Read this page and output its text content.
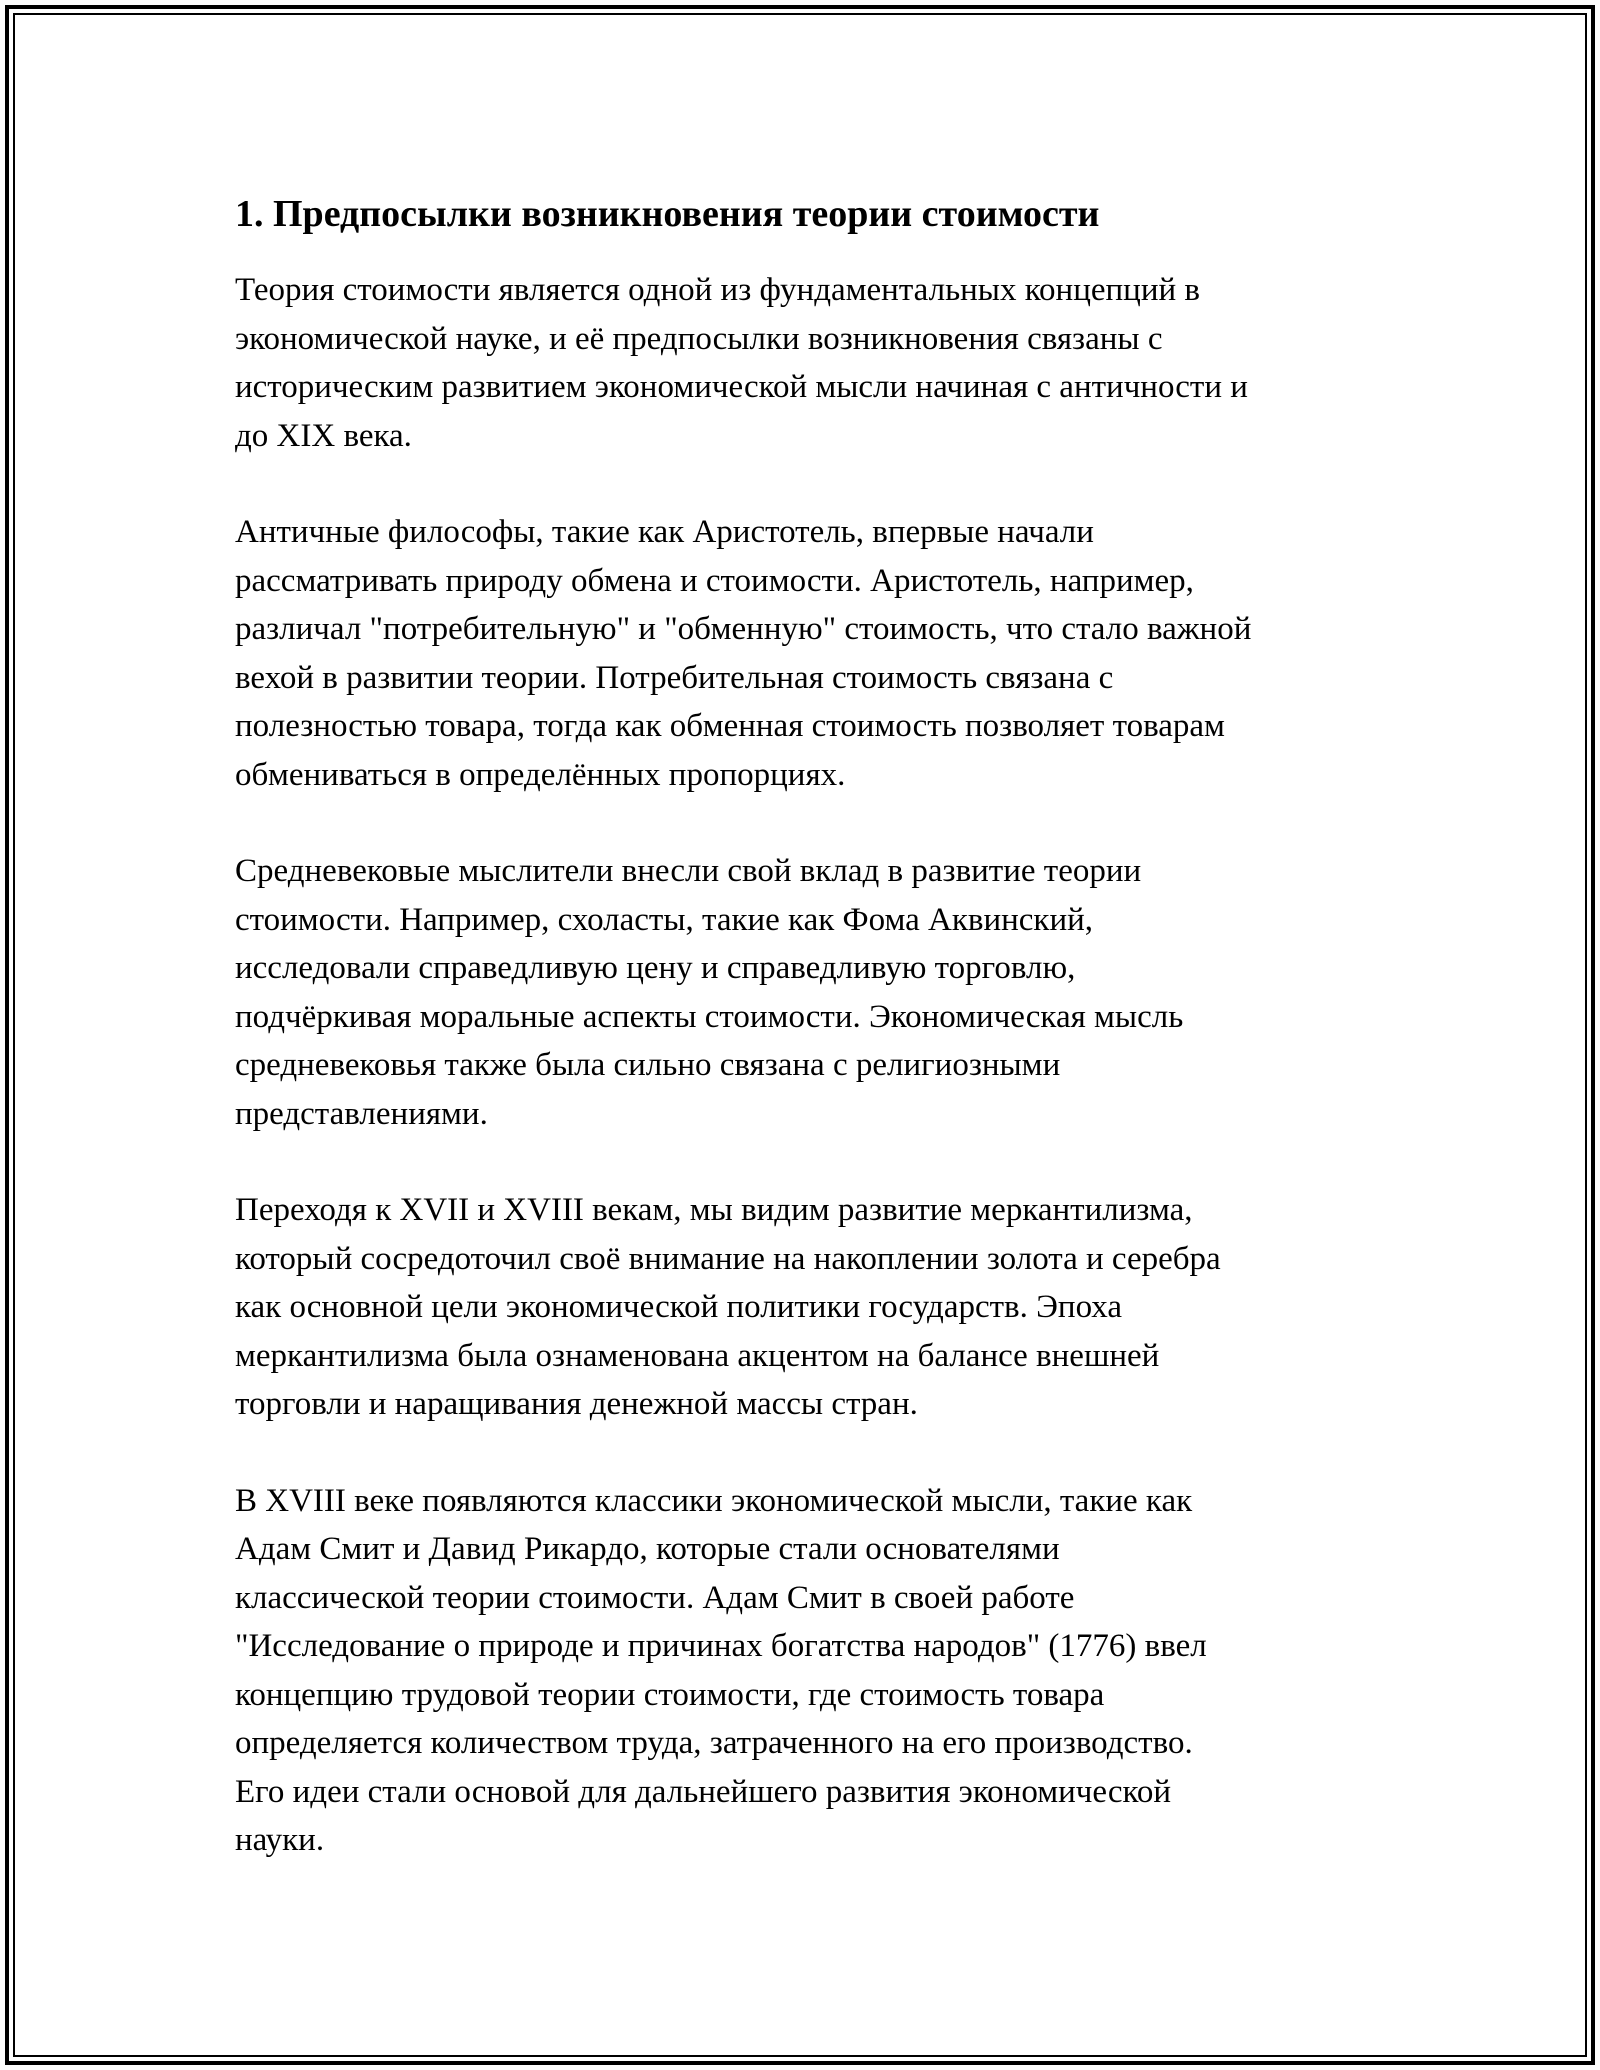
1. Предпосылки возникновения теории стоимости

Теория стоимости является одной из фундаментальных концепций в
экономической науке, и её предпосылки возникновения связаны с
историческим развитием экономической мысли начиная с античности и
до XIX века.

Античные философы, такие как Аристотель, впервые начали
рассматривать природу обмена и стоимости. Аристотель, например,
различал "потребительную" и "обменную" стоимость, что стало важной
вехой в развитии теории. Потребительная стоимость связана с
полезностью товара, тогда как обменная стоимость позволяет товарам
обмениваться в определённых пропорциях.

Средневековые мыслители внесли свой вклад в развитие теории
стоимости. Например, схоласты, такие как Фома Аквинский,
исследовали справедливую цену и справедливую торговлю,
подчёркивая моральные аспекты стоимости. Экономическая мысль
средневековья также была сильно связана с религиозными
представлениями.

Переходя к XVII и XVIII векам, мы видим развитие меркантилизма,
который сосредоточил своё внимание на накоплении золота и серебра
как основной цели экономической политики государств. Эпоха
меркантилизма была ознаменована акцентом на балансе внешней
торговли и наращивания денежной массы стран.

В XVIII веке появляются классики экономической мысли, такие как
Адам Смит и Давид Рикардо, которые стали основателями
классической теории стоимости. Адам Смит в своей работе
"Исследование о природе и причинах богатства народов" (1776) ввел
концепцию трудовой теории стоимости, где стоимость товара
определяется количеством труда, затраченного на его производство.
Его идеи стали основой для дальнейшего развития экономической
науки.
